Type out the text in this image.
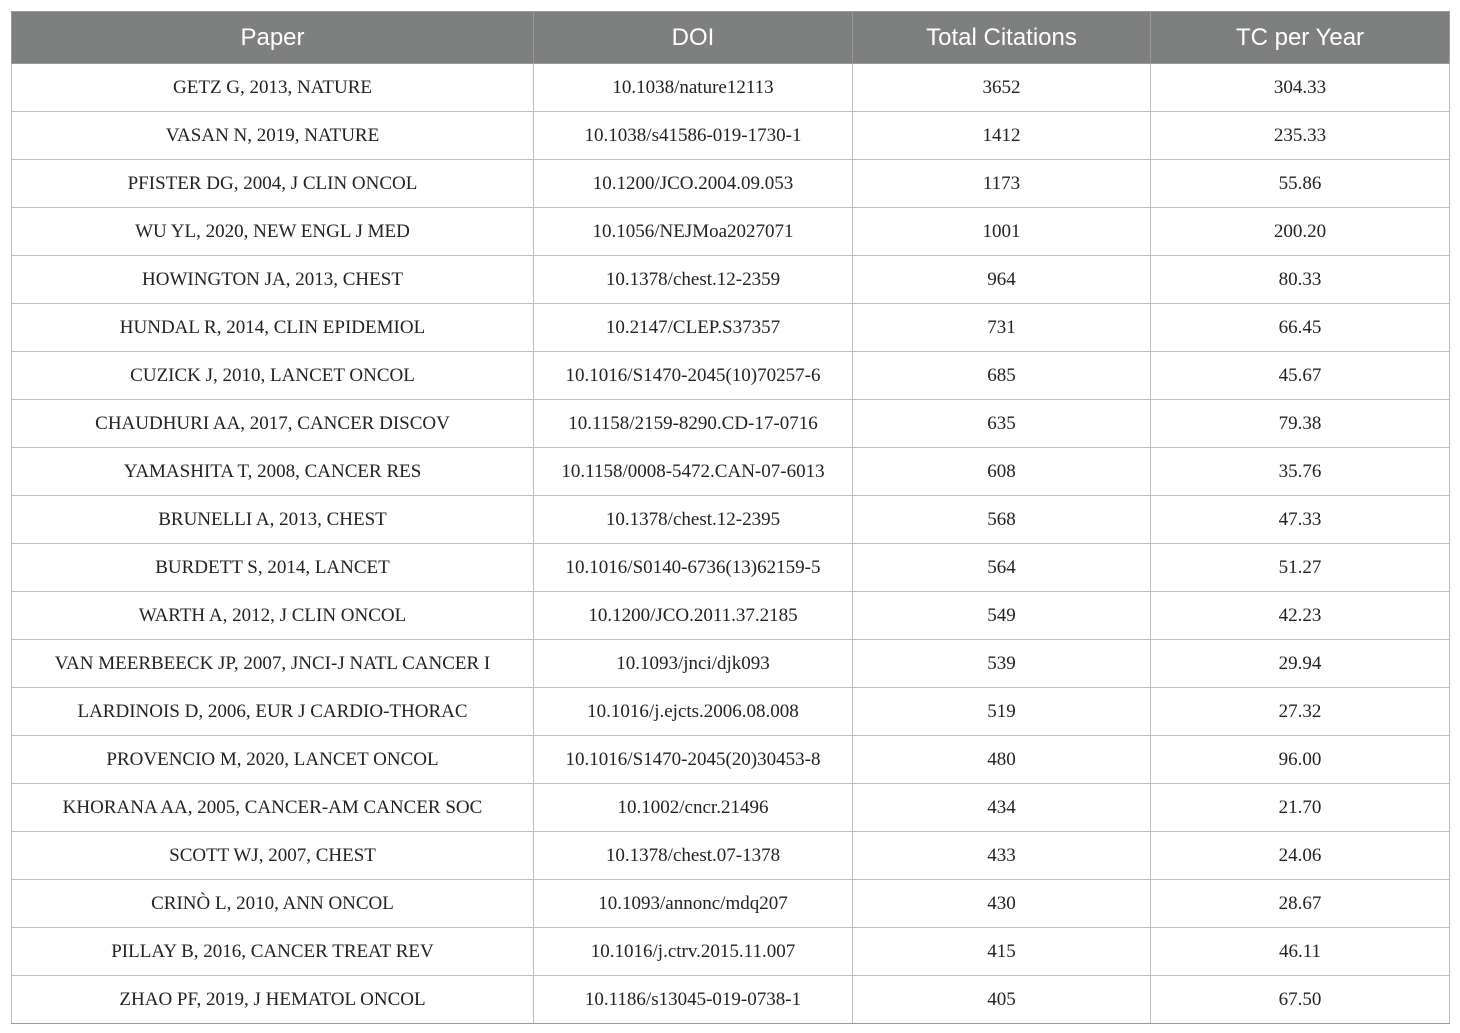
Paper	DOI	Total Citations	TC per Year
GETZ G, 2013, NATURE	10.1038/nature12113	3652	304.33
VASAN N, 2019, NATURE	10.1038/s41586-019-1730-1	1412	235.33
PFISTER DG, 2004, J CLIN ONCOL	10.1200/JCO.2004.09.053	1173	55.86
WU YL, 2020, NEW ENGL J MED	10.1056/NEJMoa2027071	1001	200.20
HOWINGTON JA, 2013, CHEST	10.1378/chest.12-2359	964	80.33
HUNDAL R, 2014, CLIN EPIDEMIOL	10.2147/CLEP.S37357	731	66.45
CUZICK J, 2010, LANCET ONCOL	10.1016/S1470-2045(10)70257-6	685	45.67
CHAUDHURI AA, 2017, CANCER DISCOV	10.1158/2159-8290.CD-17-0716	635	79.38
YAMASHITA T, 2008, CANCER RES	10.1158/0008-5472.CAN-07-6013	608	35.76
BRUNELLI A, 2013, CHEST	10.1378/chest.12-2395	568	47.33
BURDETT S, 2014, LANCET	10.1016/S0140-6736(13)62159-5	564	51.27
WARTH A, 2012, J CLIN ONCOL	10.1200/JCO.2011.37.2185	549	42.23
VAN MEERBEECK JP, 2007, JNCI-J NATL CANCER I	10.1093/jnci/djk093	539	29.94
LARDINOIS D, 2006, EUR J CARDIO-THORAC	10.1016/j.ejcts.2006.08.008	519	27.32
PROVENCIO M, 2020, LANCET ONCOL	10.1016/S1470-2045(20)30453-8	480	96.00
KHORANA AA, 2005, CANCER-AM CANCER SOC	10.1002/cncr.21496	434	21.70
SCOTT WJ, 2007, CHEST	10.1378/chest.07-1378	433	24.06
CRINÒ L, 2010, ANN ONCOL	10.1093/annonc/mdq207	430	28.67
PILLAY B, 2016, CANCER TREAT REV	10.1016/j.ctrv.2015.11.007	415	46.11
ZHAO PF, 2019, J HEMATOL ONCOL	10.1186/s13045-019-0738-1	405	67.50
